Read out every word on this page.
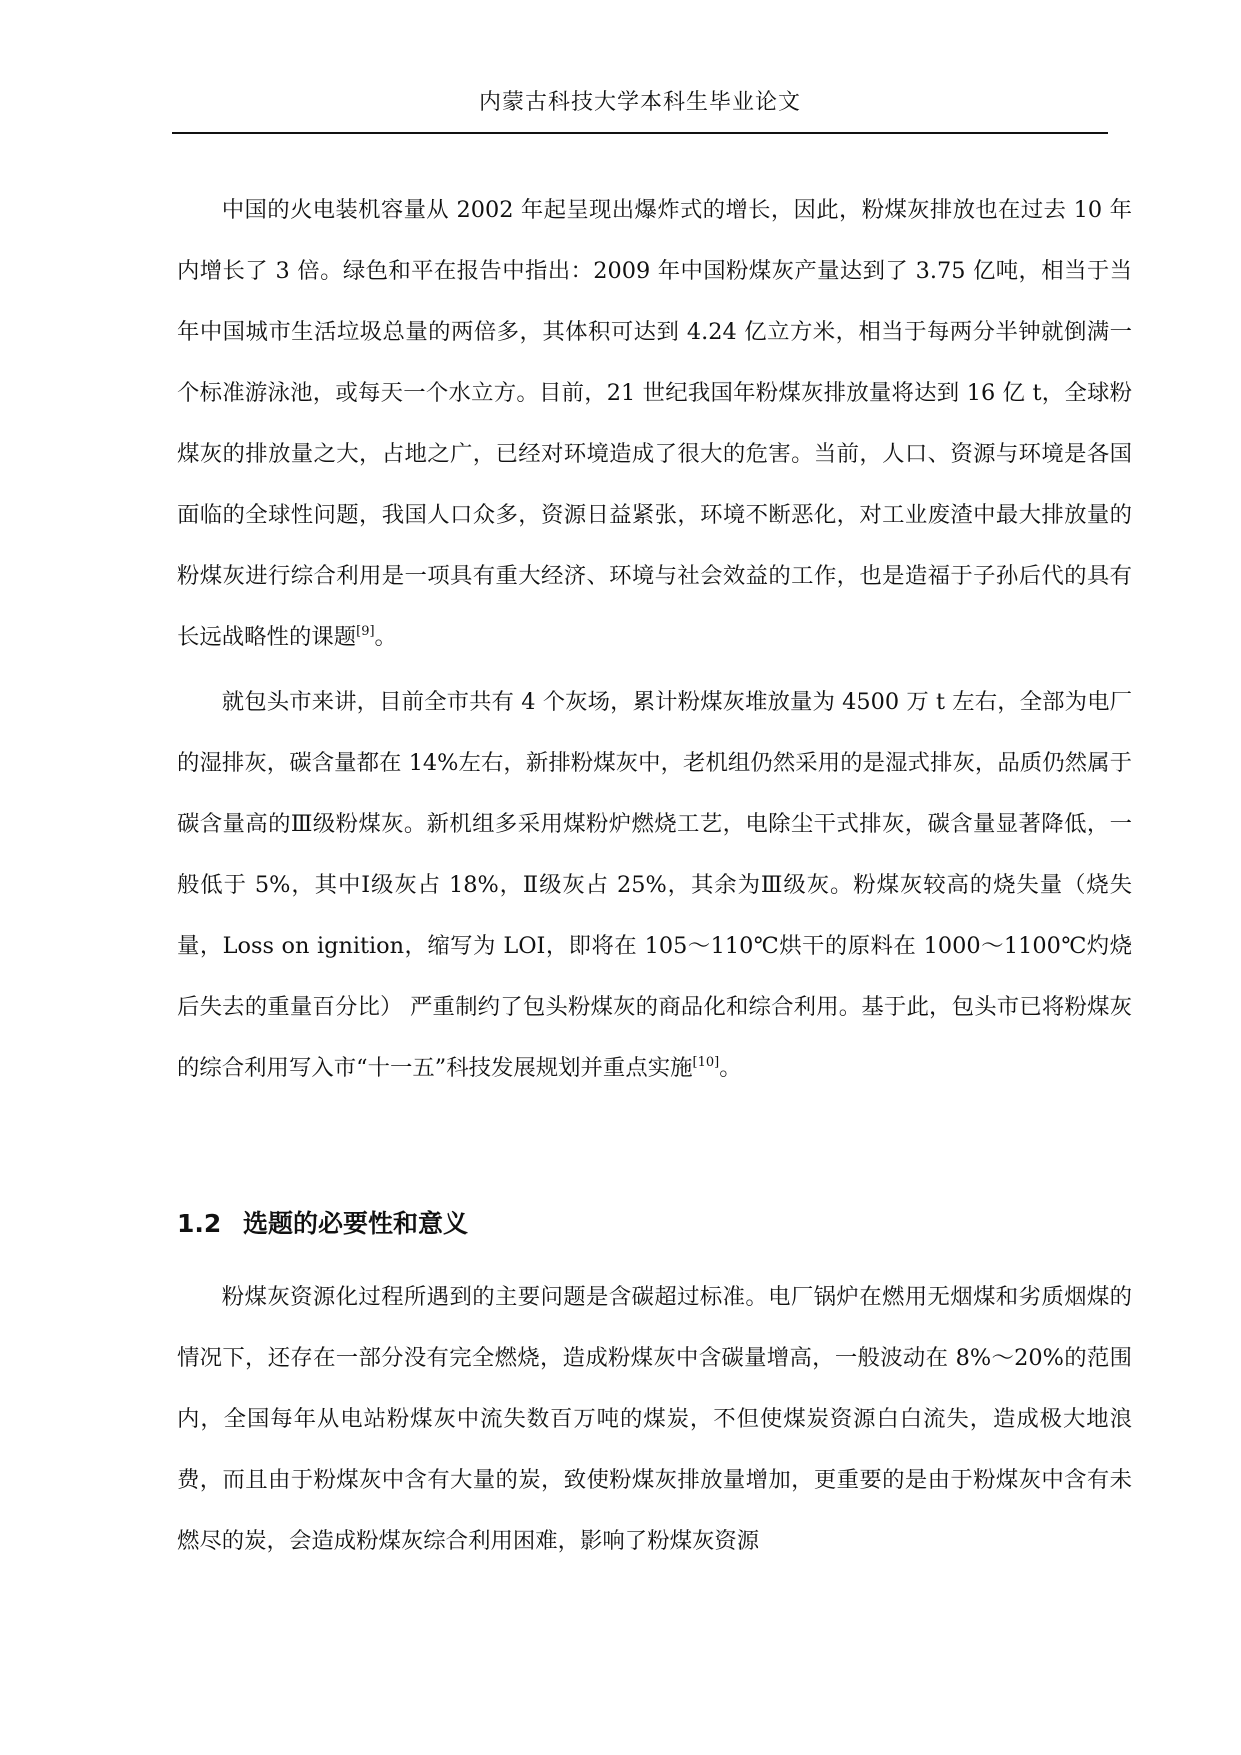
内蒙古科技大学本科生毕业论文

中国的火电装机容量从 2002 年起呈现出爆炸式的增长，因此，粉煤灰排放也在过去 10 年内增长了 3 倍。绿色和平在报告中指出：2009 年中国粉煤灰产量达到了 3.75 亿吨，相当于当年中国城市生活垃圾总量的两倍多，其体积可达到 4.24 亿立方米，相当于每两分半钟就倒满一个标准游泳池，或每天一个水立方。目前，21 世纪我国年粉煤灰排放量将达到 16 亿 t，全球粉煤灰的排放量之大，占地之广，已经对环境造成了很大的危害。当前，人口、资源与环境是各国面临的全球性问题，我国人口众多，资源日益紧张，环境不断恶化，对工业废渣中最大排放量的粉煤灰进行综合利用是一项具有重大经济、环境与社会效益的工作，也是造福于子孙后代的具有长远战略性的课题[9]。

就包头市来讲，目前全市共有 4 个灰场，累计粉煤灰堆放量为 4500 万 t 左右，全部为电厂的湿排灰，碳含量都在 14%左右，新排粉煤灰中，老机组仍然采用的是湿式排灰，品质仍然属于碳含量高的Ⅲ级粉煤灰。新机组多采用煤粉炉燃烧工艺，电除尘干式排灰，碳含量显著降低，一般低于 5%，其中Ⅰ级灰占 18%，Ⅱ级灰占 25%，其余为Ⅲ级灰。粉煤灰较高的烧失量（烧失量，Loss on ignition，缩写为 LOI，即将在 105～110℃烘干的原料在 1000～1100℃灼烧后失去的重量百分比） 严重制约了包头粉煤灰的商品化和综合利用。基于此，包头市已将粉煤灰的综合利用写入市“十一五”科技发展规划并重点实施[10]。

1.2 选题的必要性和意义

粉煤灰资源化过程所遇到的主要问题是含碳超过标准。电厂锅炉在燃用无烟煤和劣质烟煤的情况下，还存在一部分没有完全燃烧，造成粉煤灰中含碳量增高，一般波动在 8%～20%的范围内，全国每年从电站粉煤灰中流失数百万吨的煤炭，不但使煤炭资源白白流失，造成极大地浪费，而且由于粉煤灰中含有大量的炭，致使粉煤灰排放量增加，更重要的是由于粉煤灰中含有未燃尽的炭，会造成粉煤灰综合利用困难，影响了粉煤灰资源
